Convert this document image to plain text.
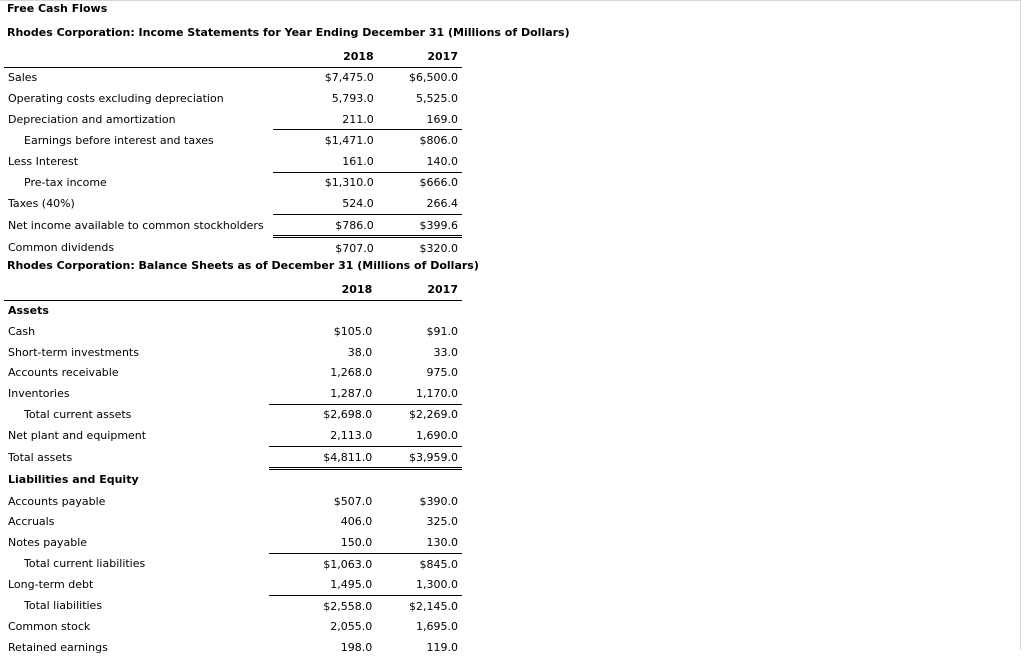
Free Cash Flows
Rhodes Corporation: Income Statements for Year Ending December 31 (Millions of Dollars)
	2018	2017
Sales	$7,475.0	$6,500.0
Operating costs excluding depreciation	5,793.0	5,525.0
Depreciation and amortization	211.0	169.0
Earnings before interest and taxes	$1,471.0	$806.0
Less Interest	161.0	140.0
Pre-tax income	$1,310.0	$666.0
Taxes (40%)	524.0	266.4
Net income available to common stockholders	$786.0	$399.6
Common dividends	$707.0	$320.0
Rhodes Corporation: Balance Sheets as of December 31 (Millions of Dollars)
	2018	2017
Assets		
Cash	$105.0	$91.0
Short-term investments	38.0	33.0
Accounts receivable	1,268.0	975.0
Inventories	1,287.0	1,170.0
Total current assets	$2,698.0	$2,269.0
Net plant and equipment	2,113.0	1,690.0
Total assets	$4,811.0	$3,959.0
Liabilities and Equity		
Accounts payable	$507.0	$390.0
Accruals	406.0	325.0
Notes payable	150.0	130.0
Total current liabilities	$1,063.0	$845.0
Long-term debt	1,495.0	1,300.0
Total liabilities	$2,558.0	$2,145.0
Common stock	2,055.0	1,695.0
Retained earnings	198.0	119.0
